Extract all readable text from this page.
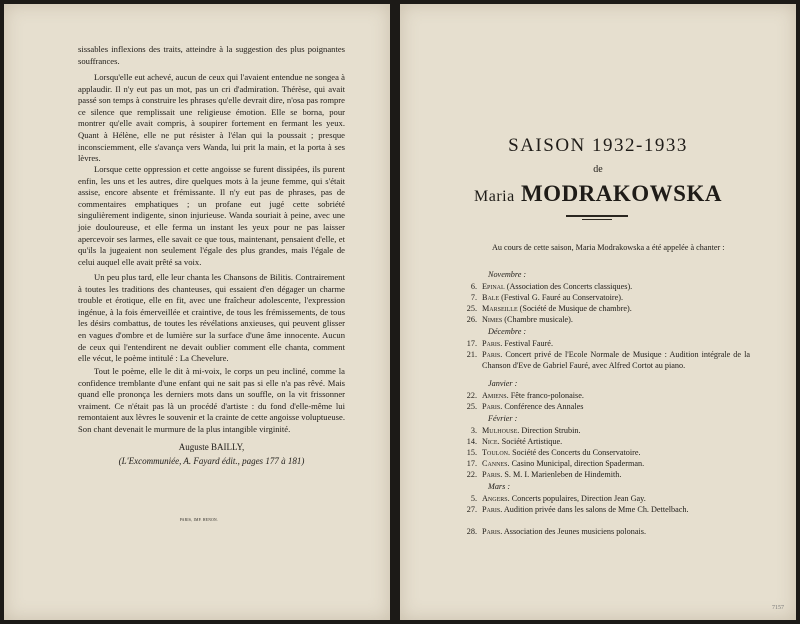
sissables inflexions des traits, atteindre à la suggestion des plus poignantes souffrances.

Lorsqu'elle eut achevé, aucun de ceux qui l'avaient entendue ne songea à applaudir. Il n'y eut pas un mot, pas un cri d'admiration. Thérèse, qui avait passé son temps à construire les phrases qu'elle devrait dire, n'osa pas rompre ce silence que remplissait une religieuse émotion. Elle se borna, pour montrer qu'elle avait compris, à soupirer fortement en fermant les yeux. Quant à Hélène, elle ne put résister à l'élan qui la poussait ; presque inconsciemment, elle s'avança vers Wanda, lui prit la main, et la porta à ses lèvres.

Lorsque cette oppression et cette angoisse se furent dissipées, ils purent enfin, les uns et les autres, dire quelques mots à la jeune femme, qui s'était assise, encore absente et frémissante. Il n'y eut pas de phrases, pas de commentaires emphatiques ; un profane eut jugé cette sobriété singulièrement indigente, sinon injurieuse. Wanda souriait à peine, avec une joie douloureuse, et elle ferma un instant les yeux pour ne pas laisser apercevoir ses larmes, elle savait ce que tous, maintenant, pensaient d'elle, et qu'ils la jugeaient non seulement l'égale des plus grandes, mais l'égale de celui auquel elle avait prêté sa voix.

Un peu plus tard, elle leur chanta les Chansons de Bilitis. Contrairement à toutes les traditions des chanteuses, qui essaient d'en dégager un charme trouble et érotique, elle en fit, avec une fraîcheur adolescente, l'expression ingénue, à la fois émerveillée et craintive, de tous les frémissements, de tous les désirs combattus, de toutes les révélations anxieuses, qui peuvent glisser en vagues d'ombre et de lumière sur la surface d'une âme innocente. Aucun de ceux qui l'entendirent ne devait oublier comment elle chanta, comment elle vécut, le poème intitulé : La Chevelure.

Tout le poème, elle le dit à mi-voix, le corps un peu incliné, comme la confidence tremblante d'une enfant qui ne sait pas si elle n'a pas rêvé. Mais quand elle prononça les derniers mots dans un souffle, on la vit frissonner vraiment. Ce n'était pas là un procédé d'artiste : du fond d'elle-même lui remontaient aux lèvres le souvenir et la crainte de cette angoisse voluptueuse. Son chant devenait le murmure de la plus intangible virginité.

Auguste BAILLY,
(L'Excommuniée, A. Fayard édit., pages 177 à 181)
PARIS, IMP. HENON.
SAISON 1932-1933
de
Maria MODRAKOWSKA

Au cours de cette saison, Maria Modrakowska a été appelée à chanter :

Novembre :
6. Epinal (Association des Concerts classiques).
7. Bale (Festival G. Fauré au Conservatoire).
25. Marseille (Société de Musique de chambre).
26. Nimes (Chambre musicale).
Décembre :
17. Paris. Festival Fauré.
21. Paris. Concert privé de l'Ecole Normale de Musique : Audition intégrale de la Chanson d'Eve de Gabriel Fauré, avec Alfred Cortot au piano.
Janvier :
22. Amiens. Fête franco-polonaise.
25. Paris. Conférence des Annales
Février :
3. Mulhouse. Direction Strubin.
14. Nice. Société Artistique.
15. Toulon. Société des Concerts du Conservatoire.
17. Cannes. Casino Municipal, direction Spaderman.
22. Paris. S. M. I. Marienleben de Hindemith.
Mars :
5. Angers. Concerts populaires, Direction Jean Gay.
27. Paris. Audition privée dans les salons de Mme Ch. Dettelbach.
28. Paris. Association des Jeunes musiciens polonais.
7157
